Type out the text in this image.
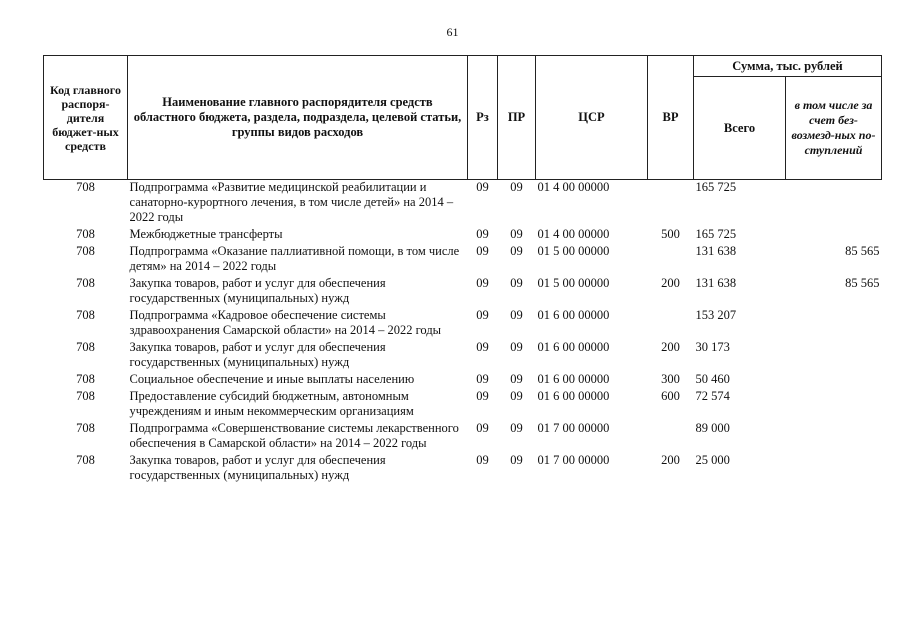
61
Код главного распоря-дителя бюджет-ных средств	Наименование главного распорядителя средств областного бюджета, раздела, подраздела, целевой статьи, группы видов расходов	Рз	ПР	ЦСР	ВР	Сумма, тыс. рублей	
						Всего	в том числе за счет без-возмезд-ных по-ступлений
708	Подпрограмма «Развитие медицинской реабилитации и санаторно-курортного лечения, в том числе детей» на 2014 – 2022 годы	09	09	01 4 00 00000		165 725	
708	Межбюджетные трансферты	09	09	01 4 00 00000	500	165 725	
708	Подпрограмма «Оказание паллиативной помощи, в том числе детям» на 2014 – 2022 годы	09	09	01 5 00 00000		131 638	85 565
708	Закупка товаров, работ и услуг для обеспечения государственных (муниципальных) нужд	09	09	01 5 00 00000	200	131 638	85 565
708	Подпрограмма «Кадровое обеспечение системы здравоохранения Самарской области» на 2014 – 2022 годы	09	09	01 6 00 00000		153 207	
708	Закупка товаров, работ и услуг для обеспечения государственных (муниципальных) нужд	09	09	01 6 00 00000	200	30 173	
708	Социальное обеспечение и иные выплаты населению	09	09	01 6 00 00000	300	50 460	
708	Предоставление субсидий бюджетным, автономным учреждениям и иным некоммерческим организациям	09	09	01 6 00 00000	600	72 574	
708	Подпрограмма «Совершенствование системы лекарственного обеспечения в Самарской области» на 2014 – 2022 годы	09	09	01 7 00 00000		89 000	
708	Закупка товаров, работ и услуг для обеспечения государственных (муниципальных) нужд	09	09	01 7 00 00000	200	25 000	
